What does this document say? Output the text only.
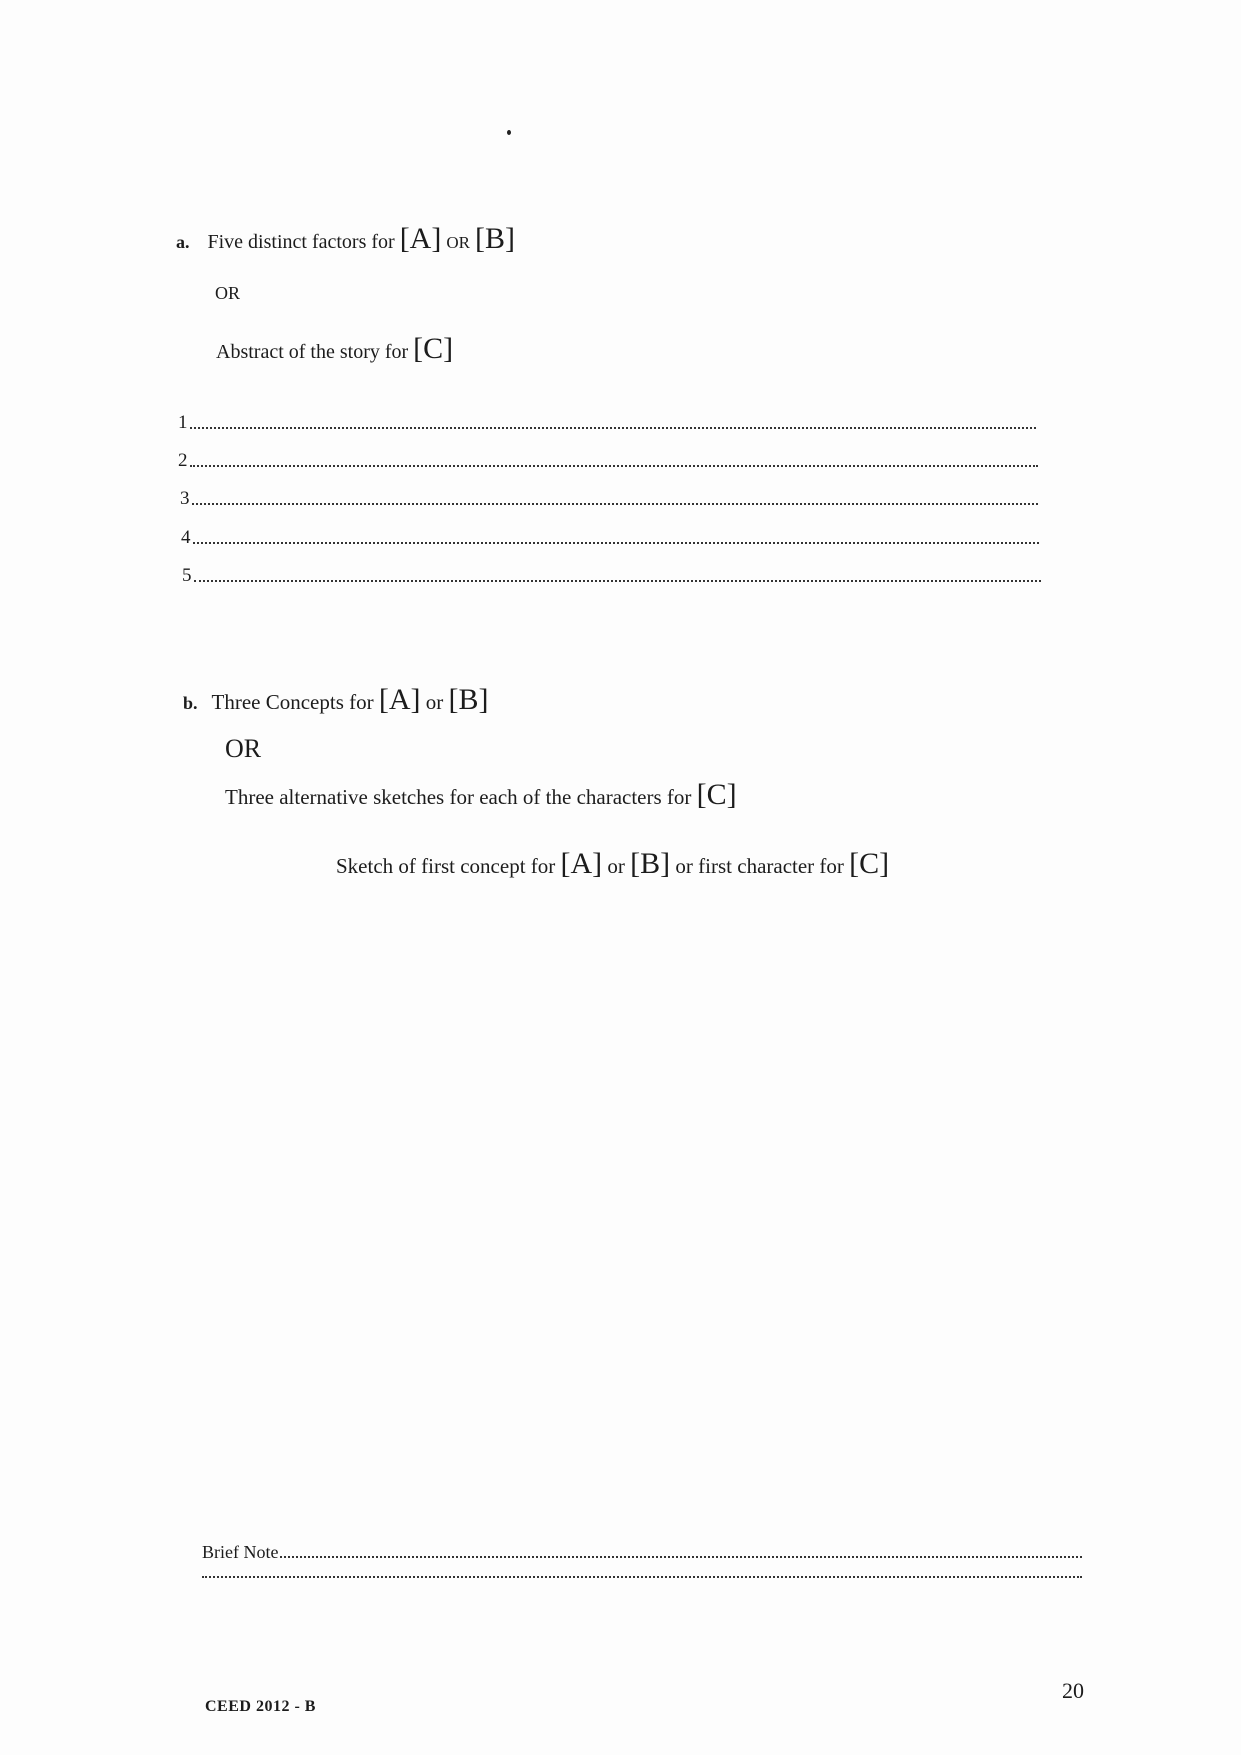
a. Five distinct factors for [A] OR [B]
OR
Abstract of the story for [C]
1
2
3
4
5
b. Three Concepts for [A] or [B]
OR
Three alternative sketches for each of the characters for [C]
Sketch of first concept for [A] or [B] or first character for [C]
Brief Note
CEED 2012 - B
20
